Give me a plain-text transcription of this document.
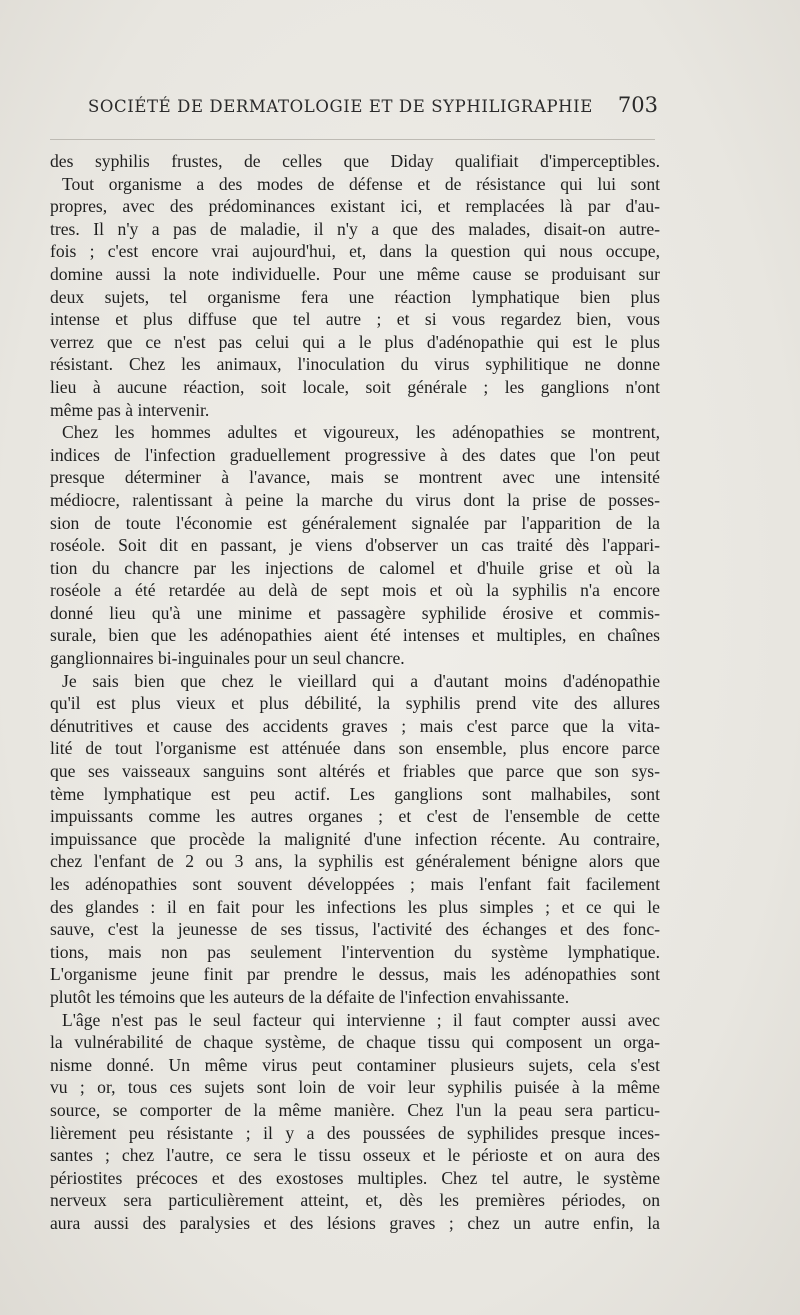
SOCIÉTÉ DE DERMATOLOGIE ET DE SYPHILIGRAPHIE 703
des syphilis frustes, de celles que Diday qualifiait d'imperceptibles.
Tout organisme a des modes de défense et de résistance qui lui sont
propres, avec des prédominances existant ici, et remplacées là par d'au-
tres. Il n'y a pas de maladie, il n'y a que des malades, disait-on autre-
fois ; c'est encore vrai aujourd'hui, et, dans la question qui nous occupe,
domine aussi la note individuelle. Pour une même cause se produisant sur
deux sujets, tel organisme fera une réaction lymphatique bien plus
intense et plus diffuse que tel autre ; et si vous regardez bien, vous
verrez que ce n'est pas celui qui a le plus d'adénopathie qui est le plus
résistant. Chez les animaux, l'inoculation du virus syphilitique ne donne
lieu à aucune réaction, soit locale, soit générale ; les ganglions n'ont
même pas à intervenir.
Chez les hommes adultes et vigoureux, les adénopathies se montrent,
indices de l'infection graduellement progressive à des dates que l'on peut
presque déterminer à l'avance, mais se montrent avec une intensité
médiocre, ralentissant à peine la marche du virus dont la prise de posses-
sion de toute l'économie est généralement signalée par l'apparition de la
roséole. Soit dit en passant, je viens d'observer un cas traité dès l'appari-
tion du chancre par les injections de calomel et d'huile grise et où la
roséole a été retardée au delà de sept mois et où la syphilis n'a encore
donné lieu qu'à une minime et passagère syphilide érosive et commis-
surale, bien que les adénopathies aient été intenses et multiples, en chaînes
ganglionnaires bi-inguinales pour un seul chancre.
Je sais bien que chez le vieillard qui a d'autant moins d'adénopathie
qu'il est plus vieux et plus débilité, la syphilis prend vite des allures
dénutritives et cause des accidents graves ; mais c'est parce que la vita-
lité de tout l'organisme est atténuée dans son ensemble, plus encore parce
que ses vaisseaux sanguins sont altérés et friables que parce que son sys-
tème lymphatique est peu actif. Les ganglions sont malhabiles, sont
impuissants comme les autres organes ; et c'est de l'ensemble de cette
impuissance que procède la malignité d'une infection récente. Au contraire,
chez l'enfant de 2 ou 3 ans, la syphilis est généralement bénigne alors que
les adénopathies sont souvent développées ; mais l'enfant fait facilement
des glandes : il en fait pour les infections les plus simples ; et ce qui le
sauve, c'est la jeunesse de ses tissus, l'activité des échanges et des fonc-
tions, mais non pas seulement l'intervention du système lymphatique.
L'organisme jeune finit par prendre le dessus, mais les adénopathies sont
plutôt les témoins que les auteurs de la défaite de l'infection envahissante.
L'âge n'est pas le seul facteur qui intervienne ; il faut compter aussi avec
la vulnérabilité de chaque système, de chaque tissu qui composent un orga-
nisme donné. Un même virus peut contaminer plusieurs sujets, cela s'est
vu ; or, tous ces sujets sont loin de voir leur syphilis puisée à la même
source, se comporter de la même manière. Chez l'un la peau sera particu-
lièrement peu résistante ; il y a des poussées de syphilides presque inces-
santes ; chez l'autre, ce sera le tissu osseux et le périoste et on aura des
périostites précoces et des exostoses multiples. Chez tel autre, le système
nerveux sera particulièrement atteint, et, dès les premières périodes, on
aura aussi des paralysies et des lésions graves ; chez un autre enfin, la
